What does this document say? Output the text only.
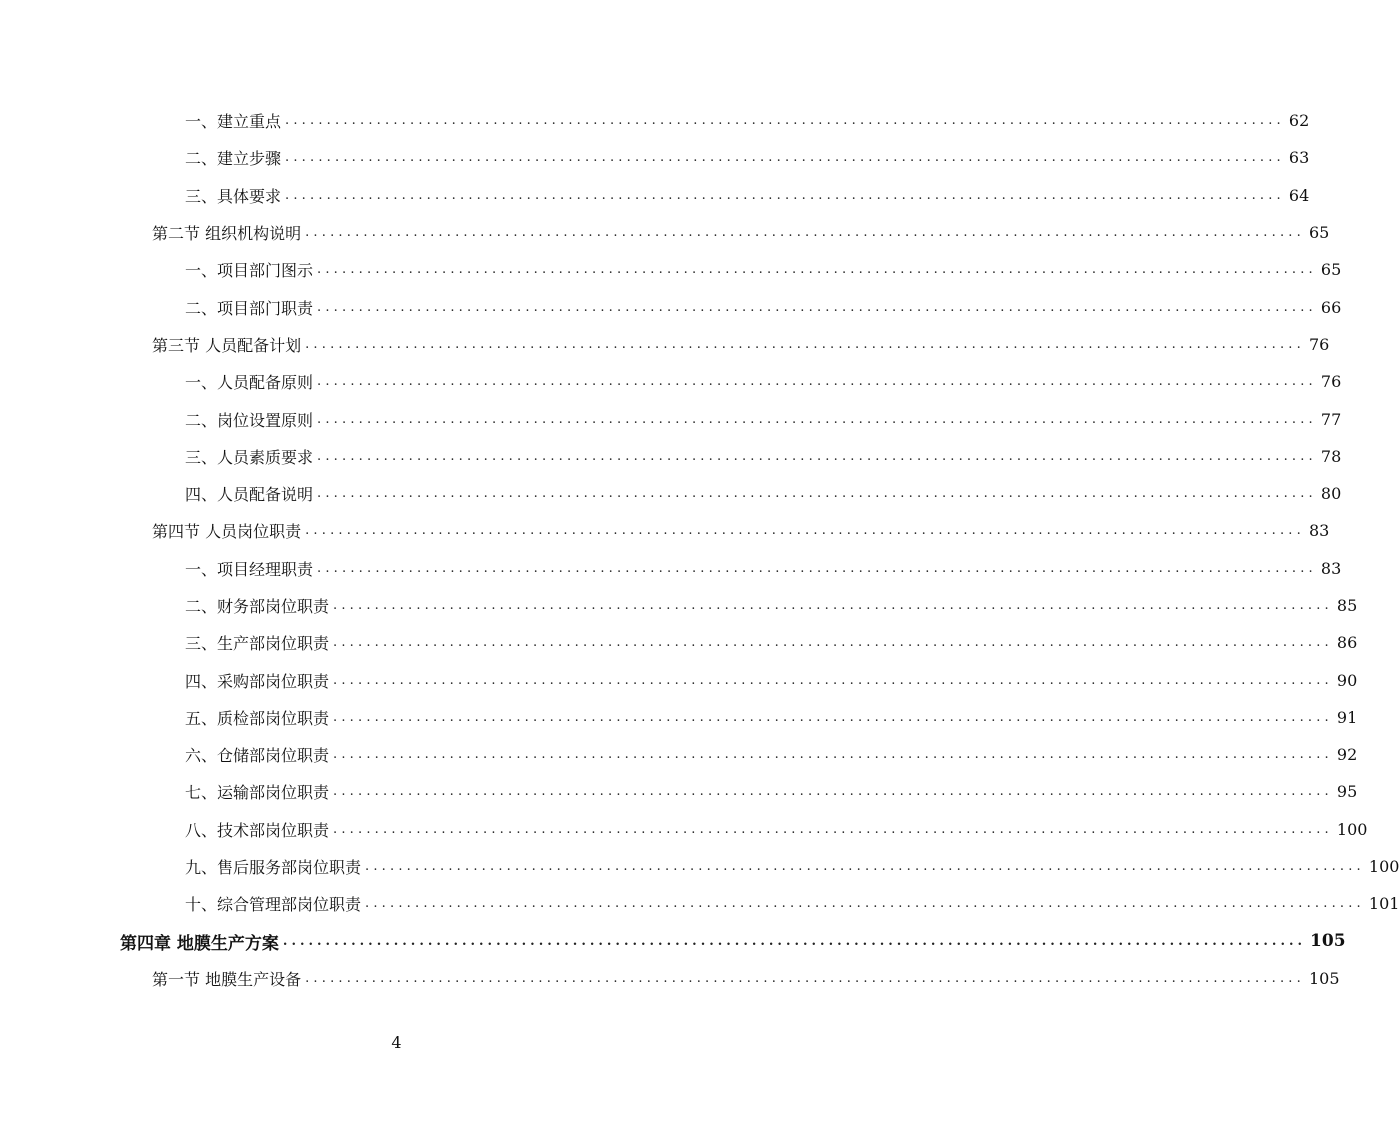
一、建立重点 ........................................................................................................................ 62
二、建立步骤 ........................................................................................................................ 63
三、具体要求 ........................................................................................................................ 64
第二节 组织机构说明 ........................................................................................................................ 65
一、项目部门图示 ........................................................................................................................ 65
二、项目部门职责 ........................................................................................................................ 66
第三节 人员配备计划 ........................................................................................................................ 76
一、人员配备原则 ........................................................................................................................ 76
二、岗位设置原则 ........................................................................................................................ 77
三、人员素质要求 ........................................................................................................................ 78
四、人员配备说明 ........................................................................................................................ 80
第四节 人员岗位职责 ........................................................................................................................ 83
一、项目经理职责 ........................................................................................................................ 83
二、财务部岗位职责 ........................................................................................................................ 85
三、生产部岗位职责 ........................................................................................................................ 86
四、采购部岗位职责 ........................................................................................................................ 90
五、质检部岗位职责 ........................................................................................................................ 91
六、仓储部岗位职责 ........................................................................................................................ 92
七、运输部岗位职责 ........................................................................................................................ 95
八、技术部岗位职责 ........................................................................................................................ 100
九、售后服务部岗位职责 ........................................................................................................................ 100
十、综合管理部岗位职责 ........................................................................................................................ 101
第四章 地膜生产方案 ........................................................................................................................ 105
第一节 地膜生产设备 ........................................................................................................................ 105
4
